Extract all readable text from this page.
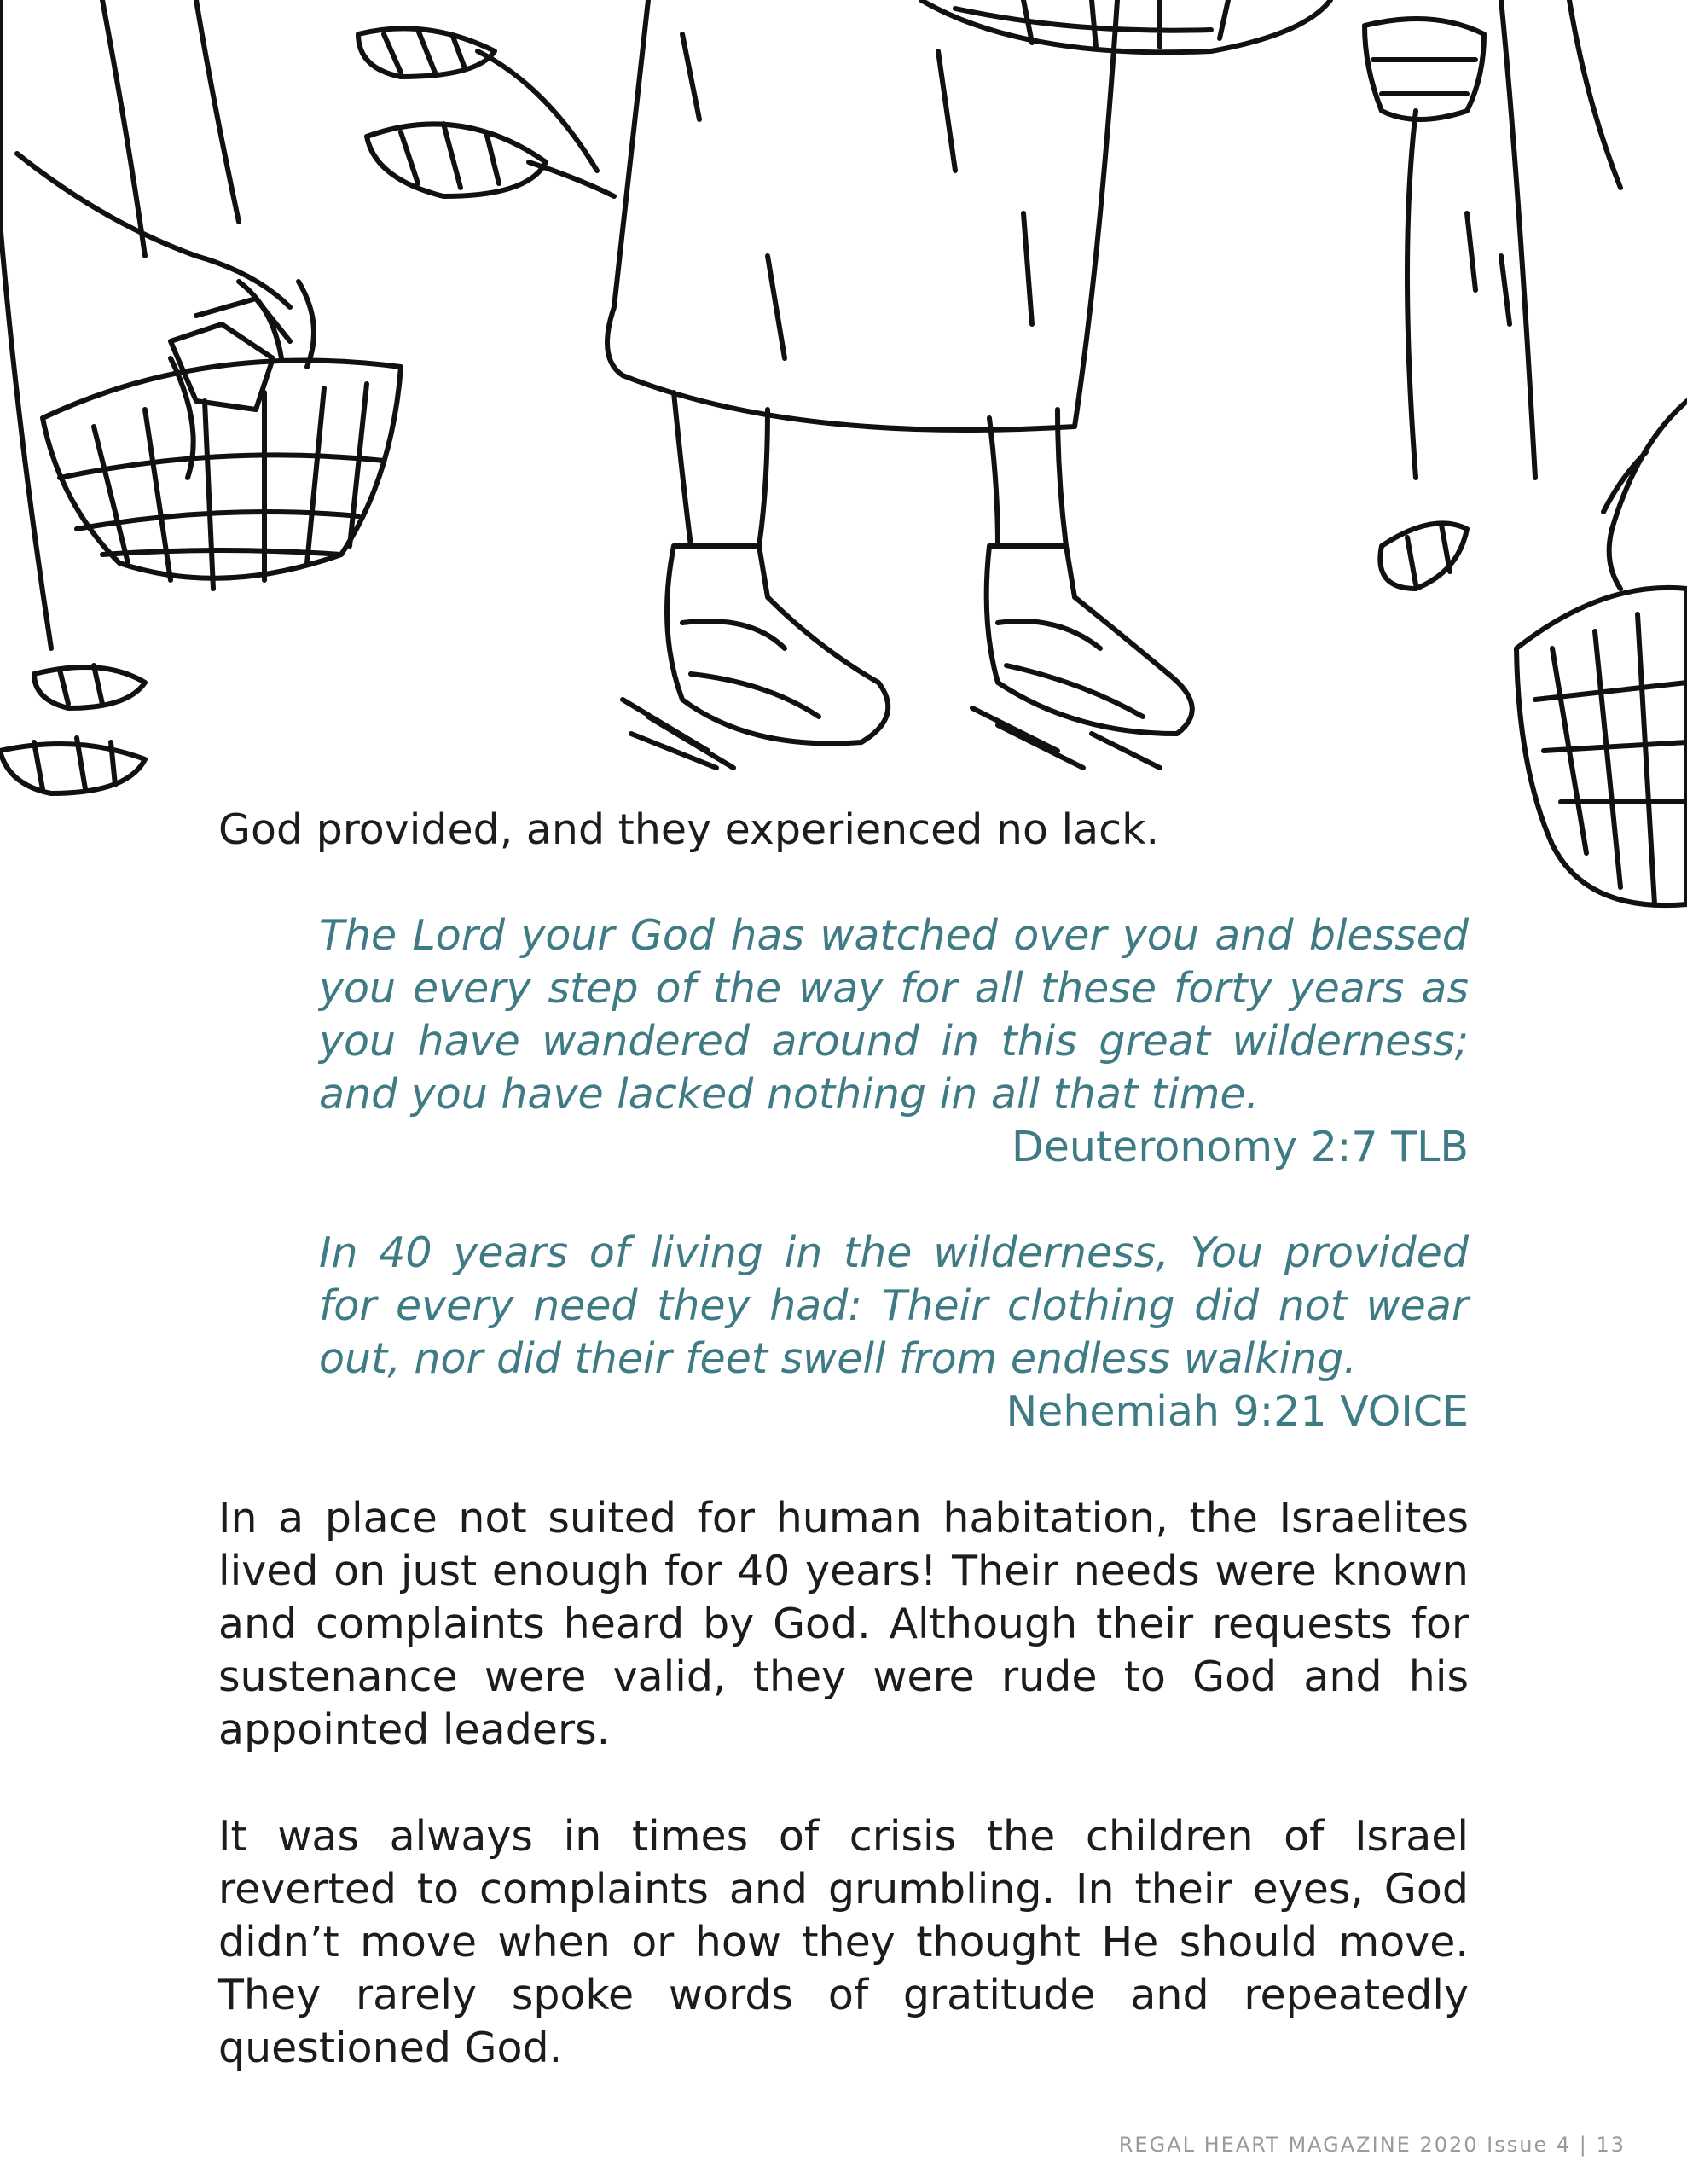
God provided, and they experienced no lack.

The Lord your God has watched over you and blessed you every step of the way for all these forty years as you have wandered around in this great wilderness; and you have lacked nothing in all that time.

Deuteronomy 2:7 TLB

In 40 years of living in the wilderness, You provided for every need they had: Their clothing did not wear out, nor did their feet swell from endless walking.

Nehemiah 9:21 VOICE

In a place not suited for human habitation, the Israelites lived on just enough for 40 years! Their needs were known and complaints heard by God. Although their requests for sustenance were valid, they were rude to God and his appointed leaders.

It was always in times of crisis the children of Israel reverted to complaints and grumbling. In their eyes, God didn’t move when or how they thought He should move. They rarely spoke words of gratitude and repeatedly questioned God.

REGAL HEART MAGAZINE 2020 Issue 4 | 13
